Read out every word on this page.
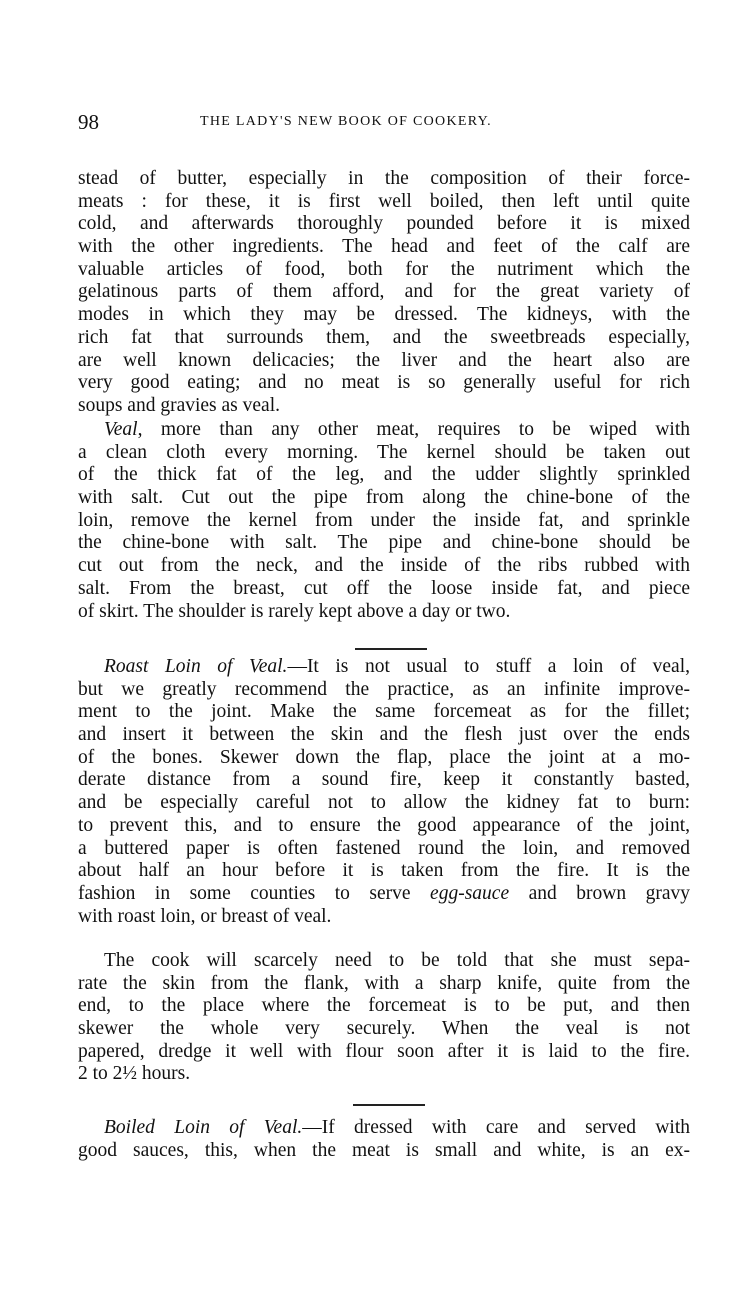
98	THE LADY'S NEW BOOK OF COOKERY.
stead of butter, especially in the composition of their force-
meats : for these, it is first well boiled, then left until quite
cold, and afterwards thoroughly pounded before it is mixed
with the other ingredients. The head and feet of the calf are
valuable articles of food, both for the nutriment which the
gelatinous parts of them afford, and for the great variety of
modes in which they may be dressed. The kidneys, with the
rich fat that surrounds them, and the sweetbreads especially,
are well known delicacies; the liver and the heart also are
very good eating; and no meat is so generally useful for rich
soups and gravies as veal.
Veal, more than any other meat, requires to be wiped with
a clean cloth every morning. The kernel should be taken out
of the thick fat of the leg, and the udder slightly sprinkled
with salt. Cut out the pipe from along the chine-bone of the
loin, remove the kernel from under the inside fat, and sprinkle
the chine-bone with salt. The pipe and chine-bone should be
cut out from the neck, and the inside of the ribs rubbed with
salt. From the breast, cut off the loose inside fat, and piece
of skirt. The shoulder is rarely kept above a day or two.
Roast Loin of Veal.—It is not usual to stuff a loin of veal,
but we greatly recommend the practice, as an infinite improve-
ment to the joint. Make the same forcemeat as for the fillet;
and insert it between the skin and the flesh just over the ends
of the bones. Skewer down the flap, place the joint at a mo-
derate distance from a sound fire, keep it constantly basted,
and be especially careful not to allow the kidney fat to burn:
to prevent this, and to ensure the good appearance of the joint,
a buttered paper is often fastened round the loin, and removed
about half an hour before it is taken from the fire. It is the
fashion in some counties to serve egg-sauce and brown gravy
with roast loin, or breast of veal.
The cook will scarcely need to be told that she must sepa-
rate the skin from the flank, with a sharp knife, quite from the
end, to the place where the forcemeat is to be put, and then
skewer the whole very securely. When the veal is not
papered, dredge it well with flour soon after it is laid to the fire.
2 to 2½ hours.
Boiled Loin of Veal.—If dressed with care and served with
good sauces, this, when the meat is small and white, is an ex-
